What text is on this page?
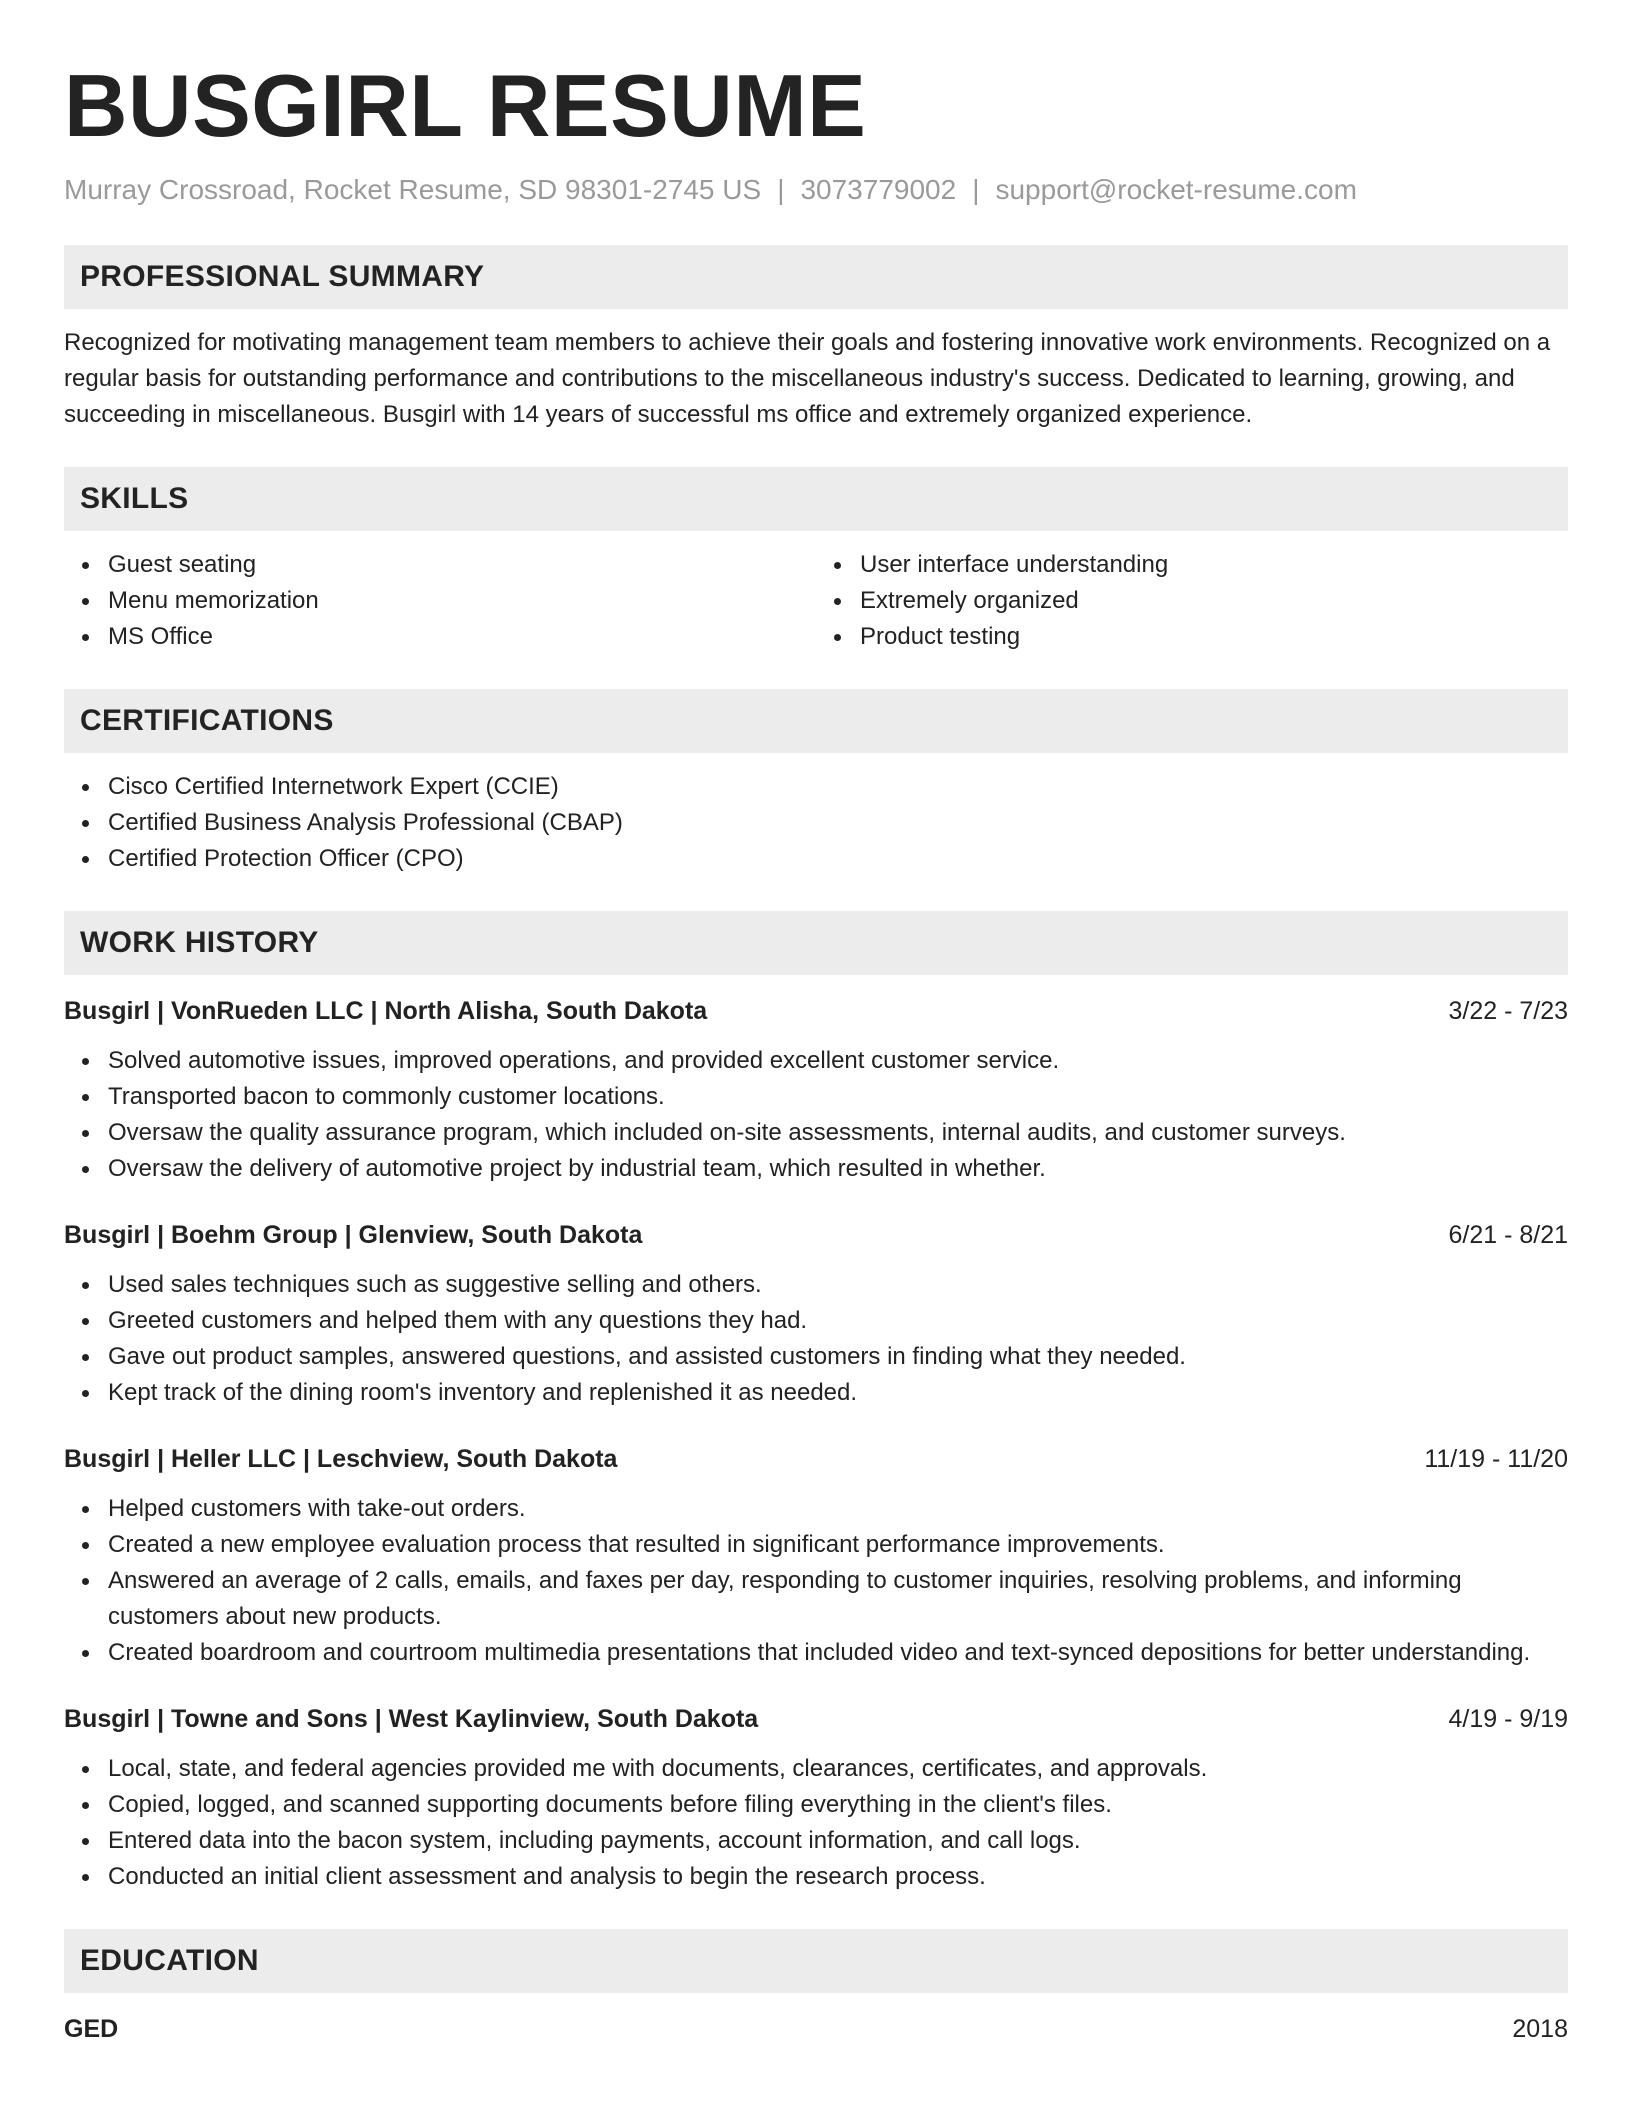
BUSGIRL RESUME
Murray Crossroad, Rocket Resume, SD 98301-2745 US | 3073779002 | support@rocket-resume.com
PROFESSIONAL SUMMARY

Recognized for motivating management team members to achieve their goals and fostering innovative work environments. Recognized on a regular basis for outstanding performance and contributions to the miscellaneous industry's success. Dedicated to learning, growing, and succeeding in miscellaneous. Busgirl with 14 years of successful ms office and extremely organized experience.

SKILLS
Guest seating
Menu memorization
MS Office
User interface understanding
Extremely organized
Product testing
CERTIFICATIONS
Cisco Certified Internetwork Expert (CCIE)
Certified Business Analysis Professional (CBAP)
Certified Protection Officer (CPO)
WORK HISTORY
Busgirl | VonRueden LLC | North Alisha, South Dakota	3/22 - 7/23
Solved automotive issues, improved operations, and provided excellent customer service.
Transported bacon to commonly customer locations.
Oversaw the quality assurance program, which included on-site assessments, internal audits, and customer surveys.
Oversaw the delivery of automotive project by industrial team, which resulted in whether.
Busgirl | Boehm Group | Glenview, South Dakota	6/21 - 8/21
Used sales techniques such as suggestive selling and others.
Greeted customers and helped them with any questions they had.
Gave out product samples, answered questions, and assisted customers in finding what they needed.
Kept track of the dining room's inventory and replenished it as needed.
Busgirl | Heller LLC | Leschview, South Dakota	11/19 - 11/20
Helped customers with take-out orders.
Created a new employee evaluation process that resulted in significant performance improvements.
Answered an average of 2 calls, emails, and faxes per day, responding to customer inquiries, resolving problems, and informing customers about new products.
Created boardroom and courtroom multimedia presentations that included video and text-synced depositions for better understanding.
Busgirl | Towne and Sons | West Kaylinview, South Dakota	4/19 - 9/19
Local, state, and federal agencies provided me with documents, clearances, certificates, and approvals.
Copied, logged, and scanned supporting documents before filing everything in the client's files.
Entered data into the bacon system, including payments, account information, and call logs.
Conducted an initial client assessment and analysis to begin the research process.
EDUCATION
GED	2018
